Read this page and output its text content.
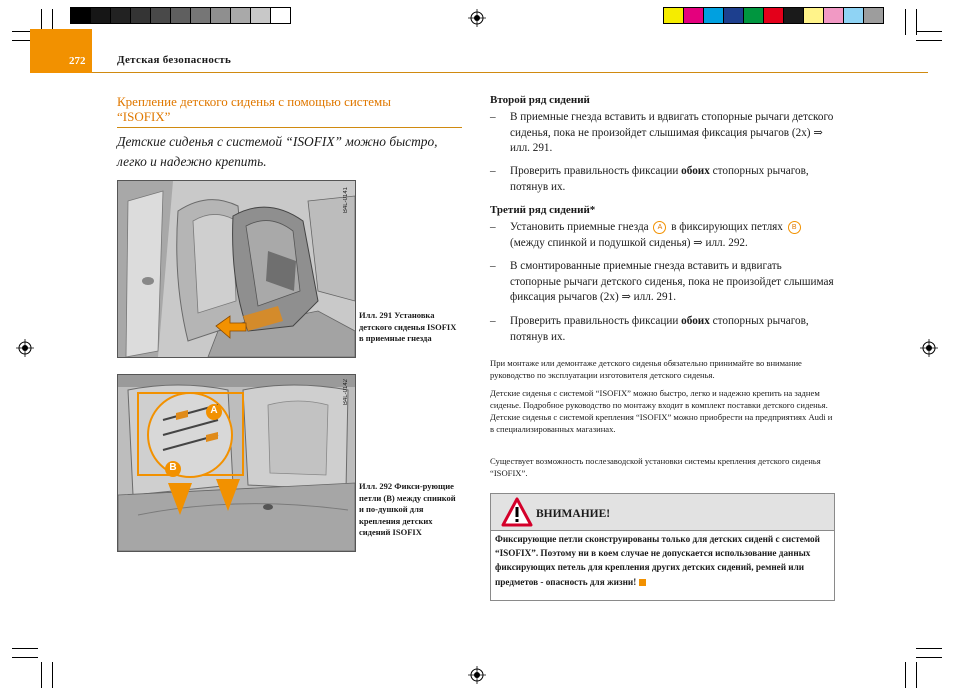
272	Детская безопасность
Крепление детского сиденья с помощью системы “ISOFIX”
Детские сиденья с системой “ISOFIX” можно быстро, легко и надежно крепить.
B4L-0141
Илл. 291 Установка детского сиденья ISOFIX в приемные гнезда
A
B
B4L-0142
Илл. 292 Фикси-рующие петли (B) между спинкой и по-душкой для крепления детских сидений ISOFIX
Второй ряд сидений
– В приемные гнезда вставить и вдвигать стопорные рычаги детского сиденья, пока не произойдет слышимая фиксация рычагов (2x) ⇒ илл. 291.
– Проверить правильность фиксации обоих стопорных рычагов, потянув их.
Третий ряд сидений*
– Установить приемные гнезда A в фиксирующих петлях B (между спинкой и подушкой сиденья) ⇒ илл. 292.
– В смонтированные приемные гнезда вставить и вдвигать стопорные рычаги детского сиденья, пока не произойдет слышимая фиксация рычагов (2x) ⇒ илл. 291.
– Проверить правильность фиксации обоих стопорных рычагов, потянув их.
При монтаже или демонтаже детского сиденья обязательно принимайте во внимание руководство по эксплуатации изготовителя детского сиденья.
Детские сиденья с системой “ISOFIX” можно быстро, легко и надежно крепить на заднем сиденье. Подробное руководство по монтажу входит в комплект поставки детского сиденья. Детские сиденья с системой крепления “ISOFIX” можно приобрести на предприятиях Audi и в специализированных магазинах.
Существует возможность послезаводской установки системы крепления детского сиденья “ISOFIX”.
ВНИМАНИЕ!
Фиксирующие петли сконструированы только для детских сиденй с системой “ISOFIX”. Поэтому ни в коем случае не допускается использование данных фиксирующих петель для крепления других детских сидений, ремней или предметов - опасность для жизни!
